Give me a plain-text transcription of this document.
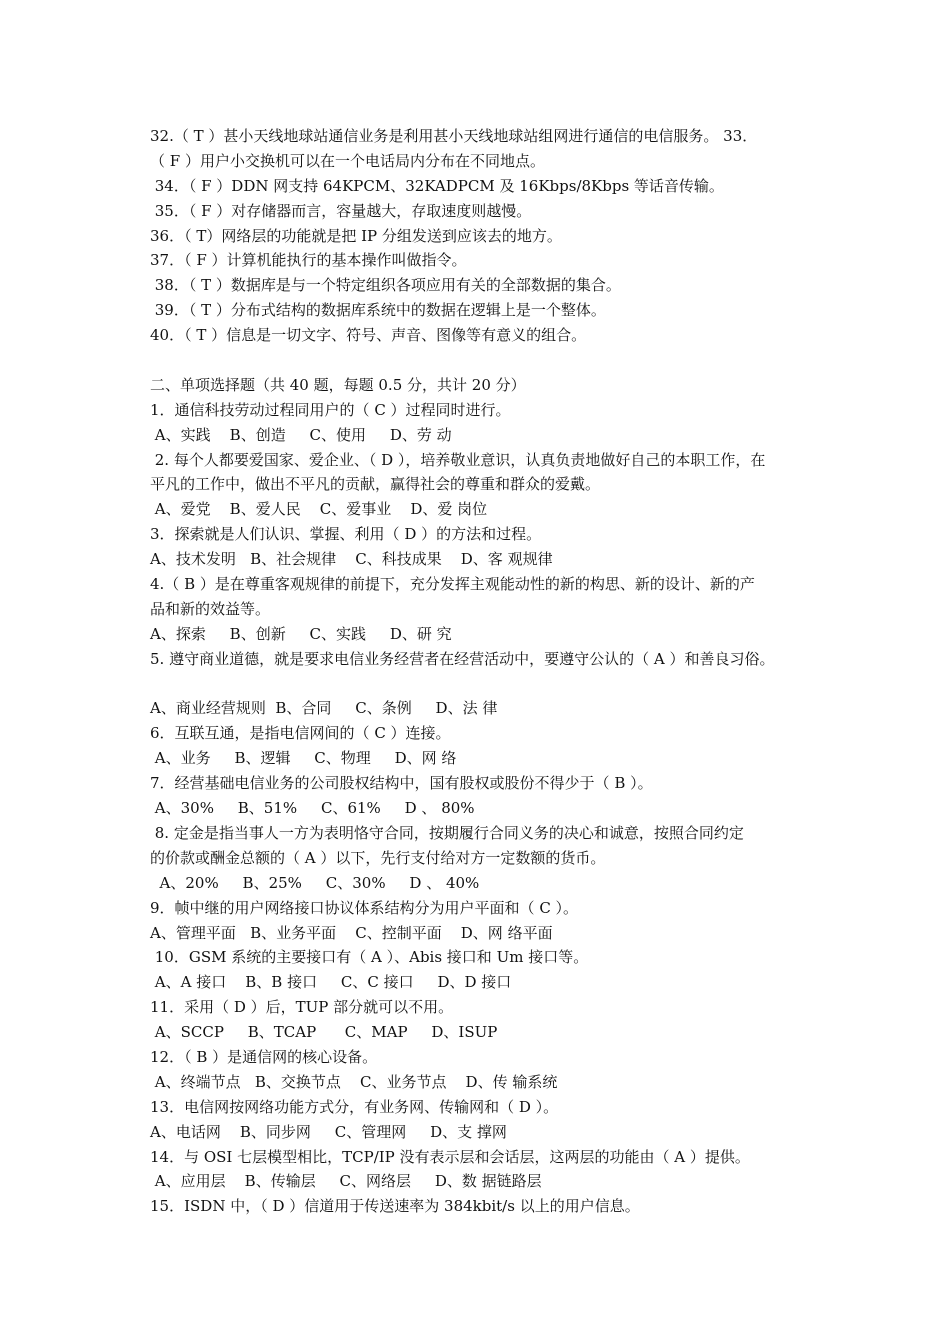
32.（ T ）甚小天线地球站通信业务是利用甚小天线地球站组网进行通信的电信服务。 33．
（ F ）用户小交换机可以在一个电话局内分布在不同地点。
34．（ F ）DDN 网支持 64KPCM、32KADPCM 及 16Kbps/8Kbps 等话音传输。
35．（ F ）对存储器而言，容量越大，存取速度则越慢。
36．（ T）网络层的功能就是把 IP 分组发送到应该去的地方。
37．（ F ）计算机能执行的基本操作叫做指令。
38．（ T ）数据库是与一个特定组织各项应用有关的全部数据的集合。
39．（ T ）分布式结构的数据库系统中的数据在逻辑上是一个整体。
40．（ T ）信息是一切文字、符号、声音、图像等有意义的组合。
二、单项选择题（共 40 题，每题 0.5 分，共计 20 分）
1．通信科技劳动过程同用户的（ C ）过程同时进行。
A、实践    B、创造     C、使用     D、劳 动
2. 每个人都要爱国家、爱企业、（ D ），培养敬业意识，认真负责地做好自己的本职工作，在
平凡的工作中，做出不平凡的贡献，赢得社会的尊重和群众的爱戴。
A、爱党    B、爱人民    C、爱事业    D、爱 岗位
3．探索就是人们认识、掌握、利用（ D ）的方法和过程。
A、技术发明   B、社会规律    C、科技成果    D、客 观规律
4.（ B ）是在尊重客观规律的前提下，充分发挥主观能动性的新的构思、新的设计、新的产
品和新的效益等。
A、探索     B、创新     C、实践     D、研 究
5. 遵守商业道德，就是要求电信业务经营者在经营活动中，要遵守公认的（ A ）和善良习俗。
A、商业经营规则  B、合同     C、条例     D、法 律
6．互联互通，是指电信网间的（ C ）连接。
A、业务     B、逻辑     C、物理     D、网 络
7．经营基础电信业务的公司股权结构中，国有股权或股份不得少于（ B ）。
A、30%     B、51%     C、61%     D 、 80%
8. 定金是指当事人一方为表明恪守合同，按期履行合同义务的决心和诚意，按照合同约定
的价款或酬金总额的（ A ）以下，先行支付给对方一定数额的货币。
A、20%     B、25%     C、30%     D 、 40%
9．帧中继的用户网络接口协议体系结构分为用户平面和（ C ）。
A、管理平面   B、业务平面    C、控制平面    D、网 络平面
10．GSM 系统的主要接口有（ A ）、Abis 接口和 Um 接口等。
A、A 接口    B、B 接口     C、C 接口     D、D 接口
11．采用（ D ）后，TUP 部分就可以不用。
A、SCCP     B、TCAP      C、MAP     D、ISUP
12．（ B ）是通信网的核心设备。
A、终端节点   B、交换节点    C、业务节点    D、传 输系统
13．电信网按网络功能方式分，有业务网、传输网和（ D ）。
A、电话网    B、同步网     C、管理网     D、支 撑网
14．与 OSI 七层模型相比，TCP/IP 没有表示层和会话层，这两层的功能由（ A ）提供。
A、应用层    B、传输层     C、网络层     D、数 据链路层
15．ISDN 中，（ D ）信道用于传送速率为 384kbit/s 以上的用户信息。
